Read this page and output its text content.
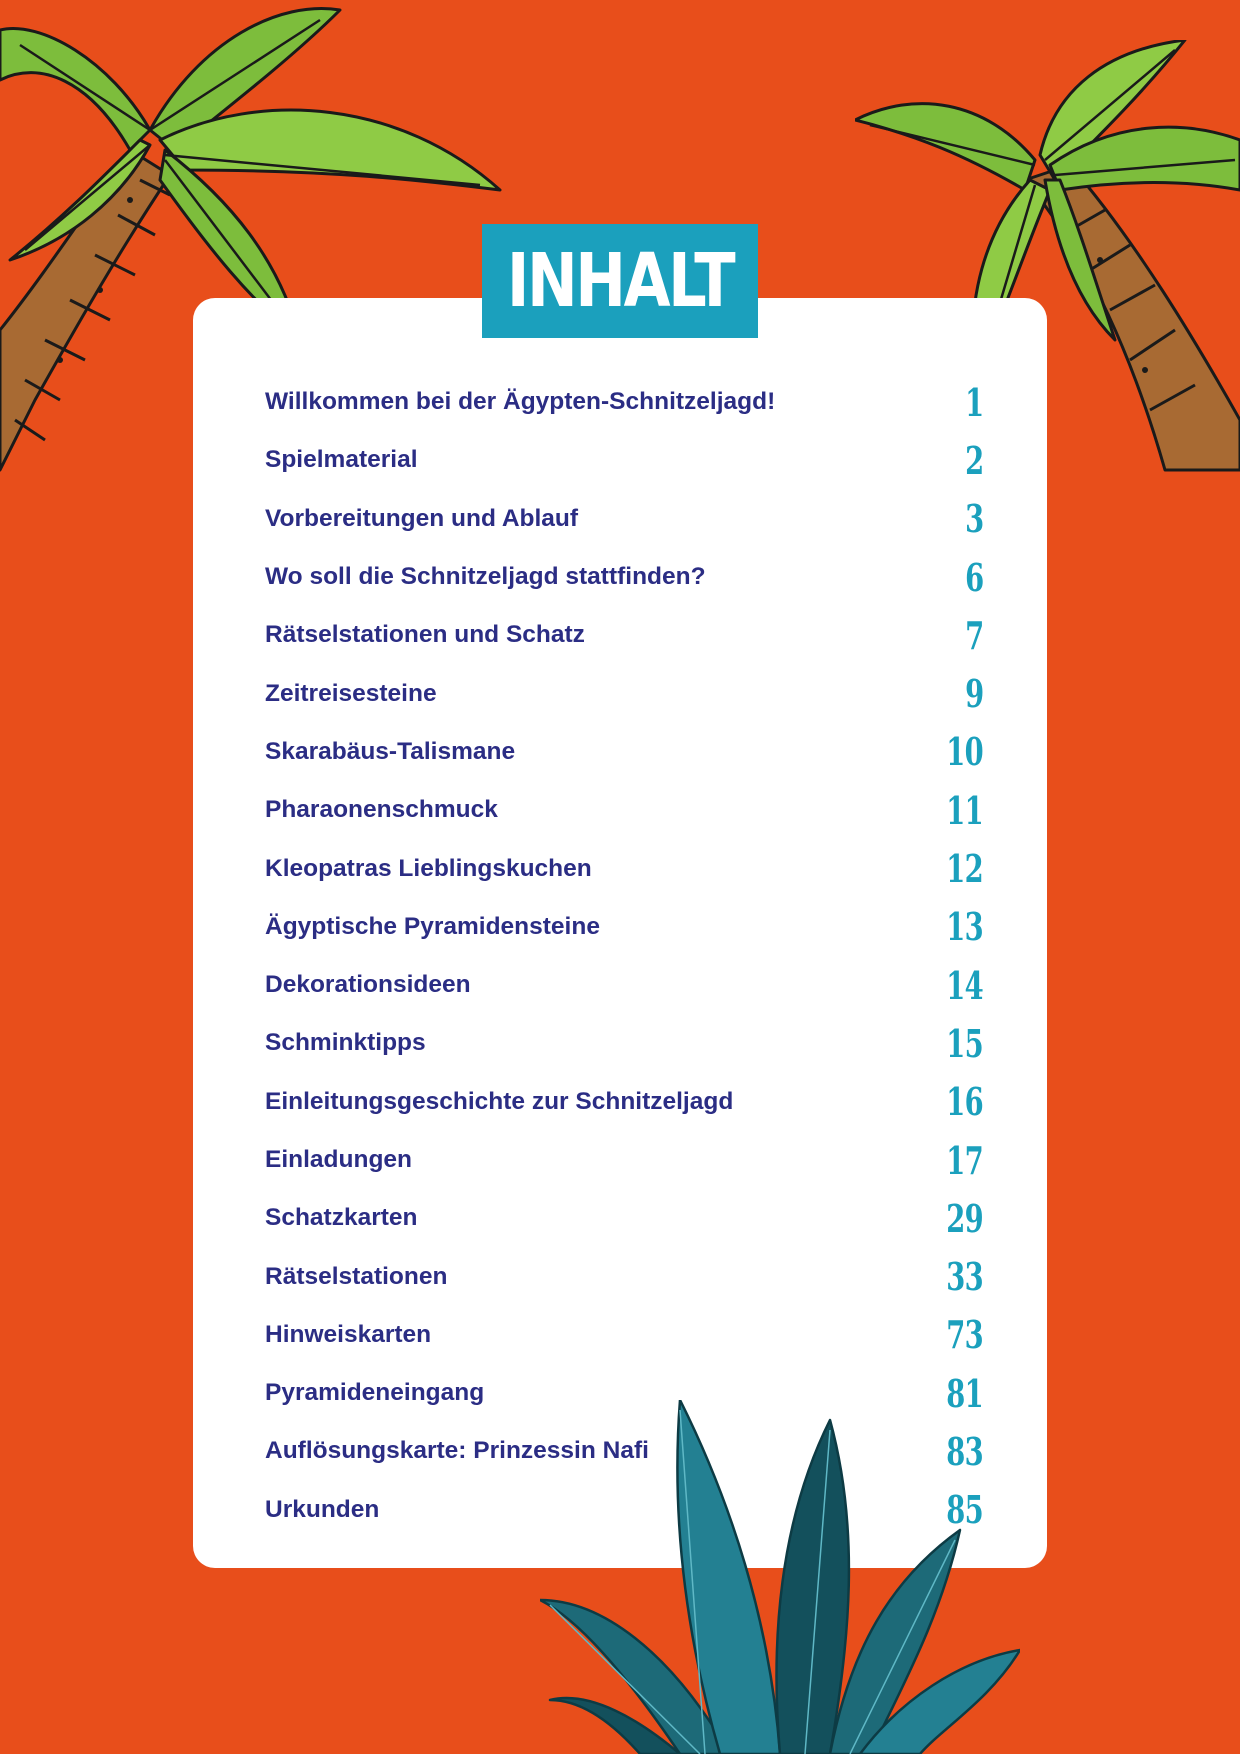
INHALT
Willkommen bei der Ägypten-Schnitzeljagd!	1
Spielmaterial	2
Vorbereitungen und Ablauf	3
Wo soll die Schnitzeljagd stattfinden?	6
Rätselstationen und Schatz	7
Zeitreisesteine	9
Skarabäus-Talismane	10
Pharaonenschmuck	11
Kleopatras Lieblingskuchen	12
Ägyptische Pyramidensteine	13
Dekorationsideen	14
Schminktipps	15
Einleitungsgeschichte zur Schnitzeljagd	16
Einladungen	17
Schatzkarten	29
Rätselstationen	33
Hinweiskarten	73
Pyramideneingang	81
Auflösungskarte: Prinzessin Nafi	83
Urkunden	85
